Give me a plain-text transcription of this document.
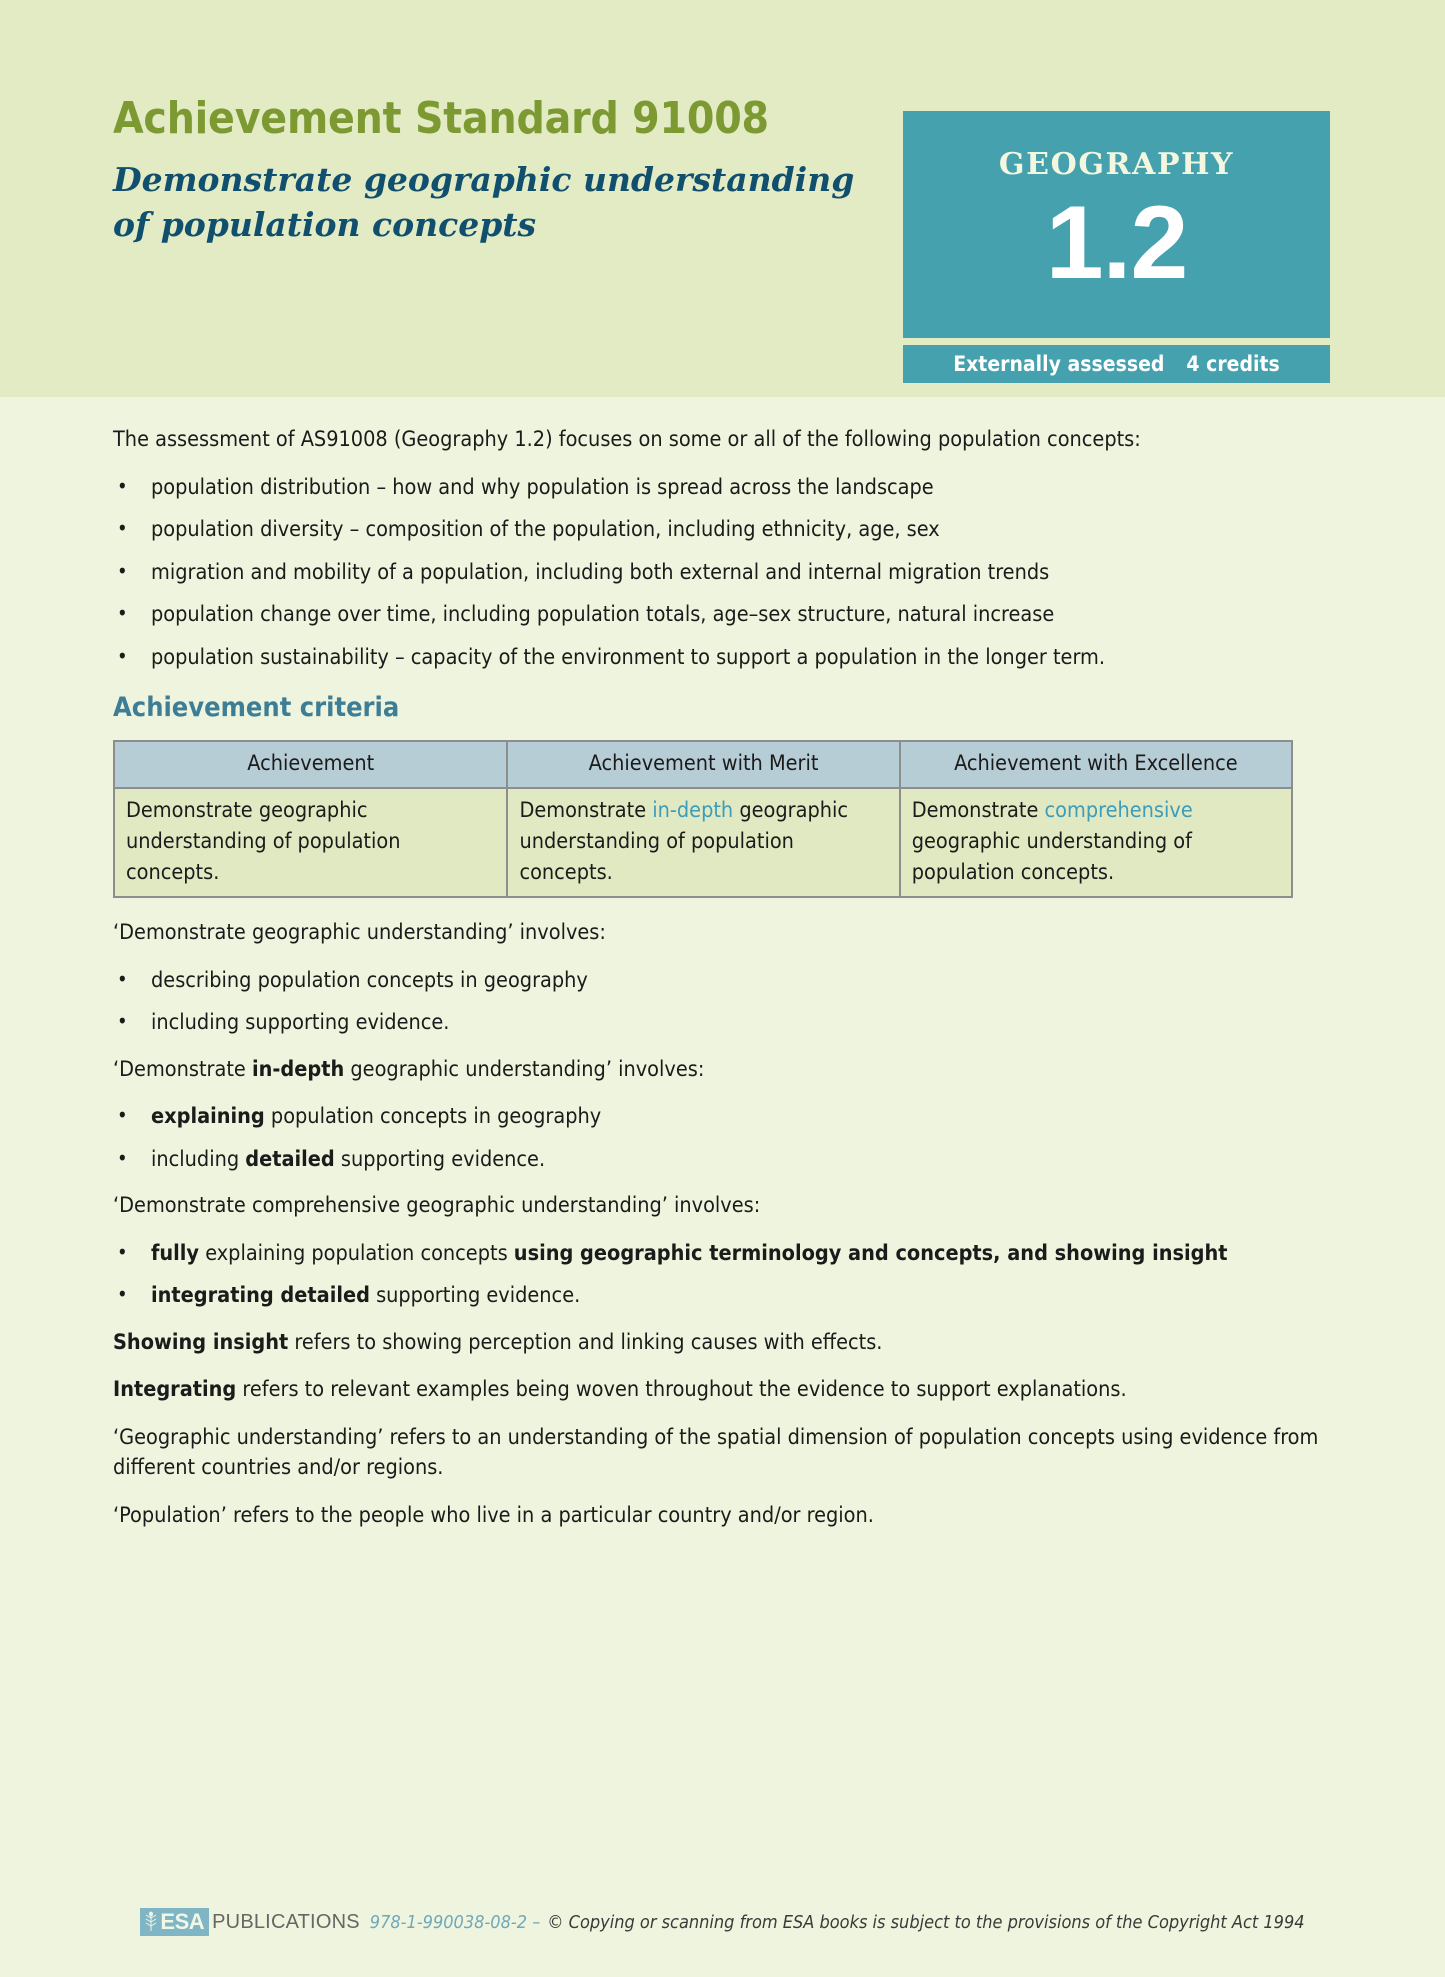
Achievement Standard 91008
Demonstrate geographic understanding of population concepts
GEOGRAPHY
1.2
Externally assessed 4 credits

The assessment of AS91008 (Geography 1.2) focuses on some or all of the following population concepts:

• population distribution – how and why population is spread across the landscape
• population diversity – composition of the population, including ethnicity, age, sex
• migration and mobility of a population, including both external and internal migration trends
• population change over time, including population totals, age–sex structure, natural increase
• population sustainability – capacity of the environment to support a population in the longer term.
Achievement criteria
Achievement	Achievement with Merit	Achievement with Excellence
Demonstrate geographic understanding of population concepts.	Demonstrate in-depth geographic understanding of population concepts.	Demonstrate comprehensive geographic understanding of population concepts.

‘Demonstrate geographic understanding’ involves:

• describing population concepts in geography
• including supporting evidence.

‘Demonstrate in-depth geographic understanding’ involves:

• explaining population concepts in geography
• including detailed supporting evidence.

‘Demonstrate comprehensive geographic understanding’ involves:

• fully explaining population concepts using geographic terminology and concepts, and showing insight
• integrating detailed supporting evidence.

Showing insight refers to showing perception and linking causes with effects.

Integrating refers to relevant examples being woven throughout the evidence to support explanations.

‘Geographic understanding’ refers to an understanding of the spatial dimension of population concepts using evidence from different countries and/or regions.

‘Population’ refers to the people who live in a particular country and/or region.

ESA PUBLICATIONS 978-1-990038-08-2 – © Copying or scanning from ESA books is subject to the provisions of the Copyright Act 1994
